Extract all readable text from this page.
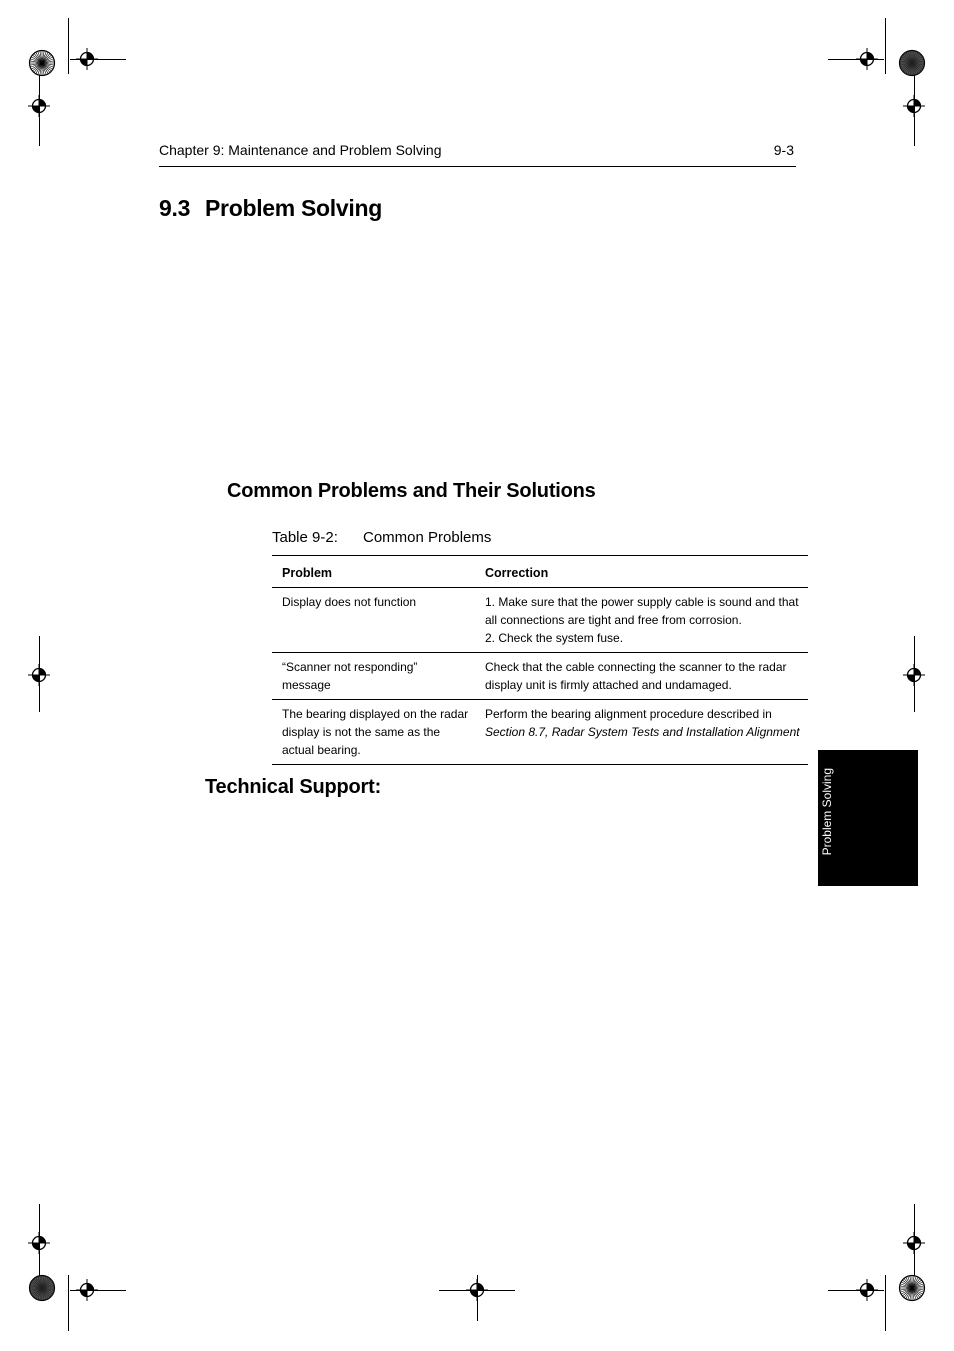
Chapter 9: Maintenance and Problem Solving	9-3
9.3 Problem Solving
Common Problems and Their Solutions
Table 9-2: Common Problems
Problem	Correction
Display does not function	1. Make sure that the power supply cable is sound and that all connections are tight and free from corrosion.
2. Check the system fuse.

“Scanner not responding” message	Check that the cable connecting the scanner to the radar display unit is firmly attached and undamaged.
The bearing displayed on the radar display is not the same as the actual bearing.	Perform the bearing alignment procedure described in Section 8.7, Radar System Tests and Installation Alignment
Technical Support:	Problem Solving
